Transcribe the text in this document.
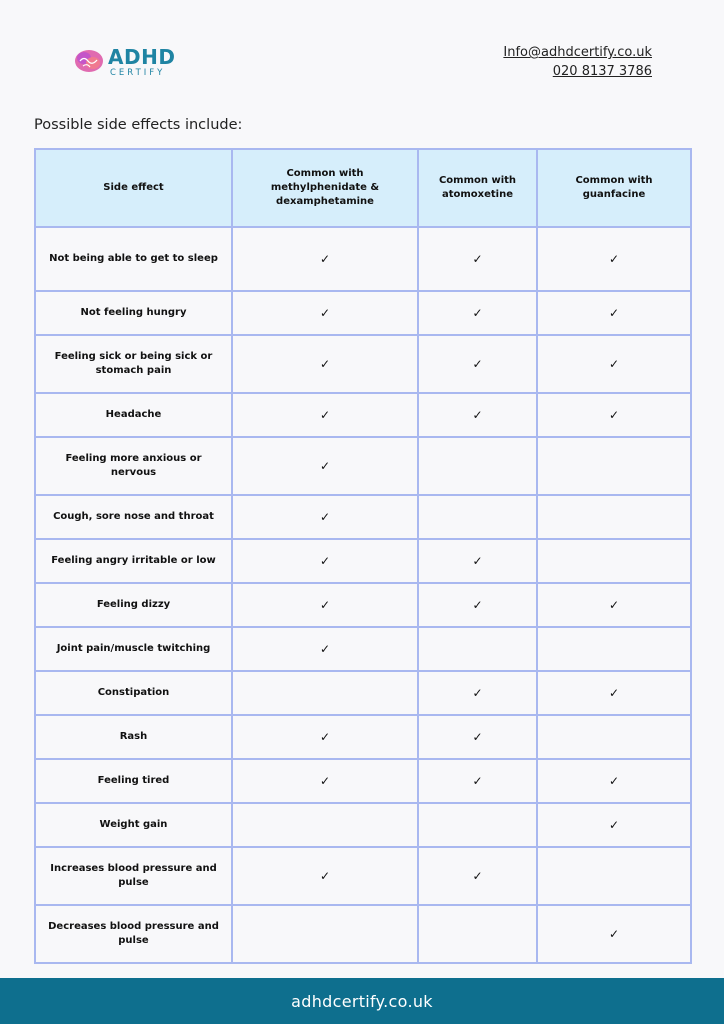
ADHD
CERTIFY
Info@adhdcertify.co.uk
020 8137 3786
Possible side effects include:
Side effect	Common with methylphenidate & dexamphetamine	Common with atomoxetine	Common with guanfacine
Not being able to get to sleep	✓	✓	✓
Not feeling hungry	✓	✓	✓
Feeling sick or being sick or stomach pain	✓	✓	✓
Headache	✓	✓	✓
Feeling more anxious or nervous	✓		
Cough, sore nose and throat	✓		
Feeling angry irritable or low	✓	✓	
Feeling dizzy	✓	✓	✓
Joint pain/muscle twitching	✓		
Constipation		✓	✓
Rash	✓	✓	
Feeling tired	✓	✓	✓
Weight gain			✓
Increases blood pressure and pulse	✓	✓	
Decreases blood pressure and pulse			✓
adhdcertify.co.uk
